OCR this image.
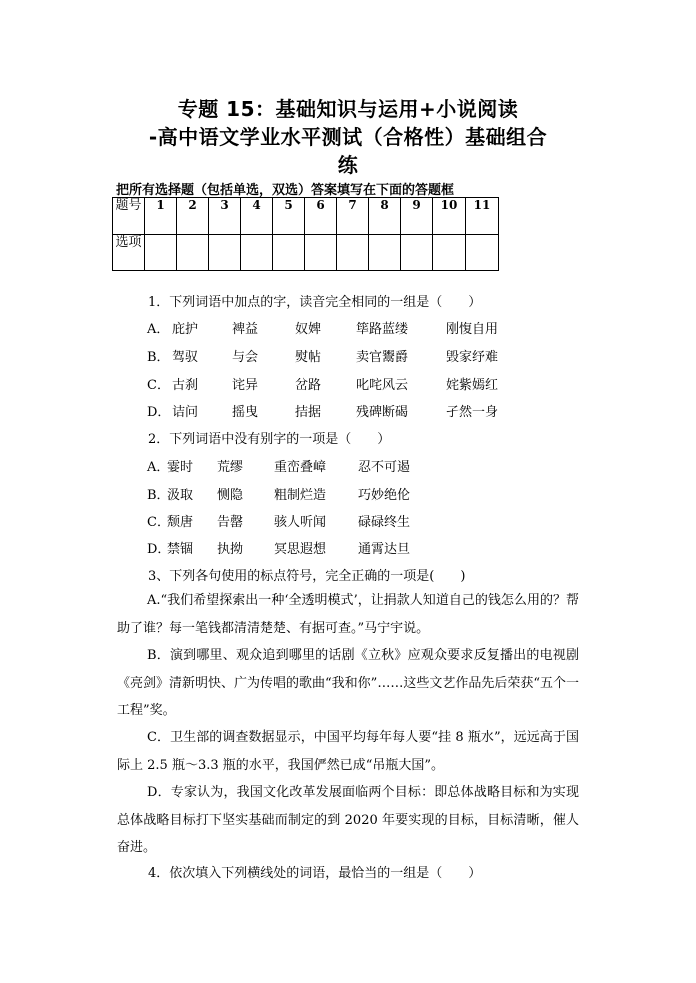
专题 15：基础知识与运用+小说阅读
-高中语文学业水平测试（合格性）基础组合
练
把所有选择题（包括单选，双选）答案填写在下面的答题框
题号	1	2	3	4	5	6	7	8	9	10	11
选项											
1．下列词语中加点的字，读音完全相同的一组是（　　）
A． 庇护	裨益	奴婢	筚路蓝缕	刚愎自用
B． 驾驭	与会	熨帖	卖官鬻爵	毁家纾难
C． 古刹	诧异	岔路	叱咤风云	姹紫嫣红
D． 诘问	摇曳	拮据	残碑断碣	孑然一身
2．下列词语中没有别字的一项是（　　）
A．
霎时 荒缪 重峦叠嶂 忍不可遏
B．
汲取 恻隐 粗制烂造 巧妙绝伦
C．
颓唐 告罄 骇人听闻 碌碌终生
D．
禁锢 执拗 冥思遐想 通霄达旦
3、下列各句使用的标点符号，完全正确的一项是(　　)
A.“我们希望探索出一种‘全透明模式’，让捐款人知道自己的钱怎么用的？帮助了谁？每一笔钱都清清楚楚、有据可查。”马宁宇说。
B．演到哪里、观众追到哪里的话剧《立秋》应观众要求反复播出的电视剧《亮剑》清新明快、广为传唱的歌曲“我和你”……这些文艺作品先后荣获“五个一工程”奖。
C．卫生部的调查数据显示，中国平均每年每人要“挂 8 瓶水”，远远高于国际上 2.5 瓶～3.3 瓶的水平，我国俨然已成“吊瓶大国”。
D．专家认为，我国文化改革发展面临两个目标：即总体战略目标和为实现总体战略目标打下坚实基础而制定的到 2020 年要实现的目标，目标清晰，催人奋进。
4．依次填入下列横线处的词语，最恰当的一组是（　　）
